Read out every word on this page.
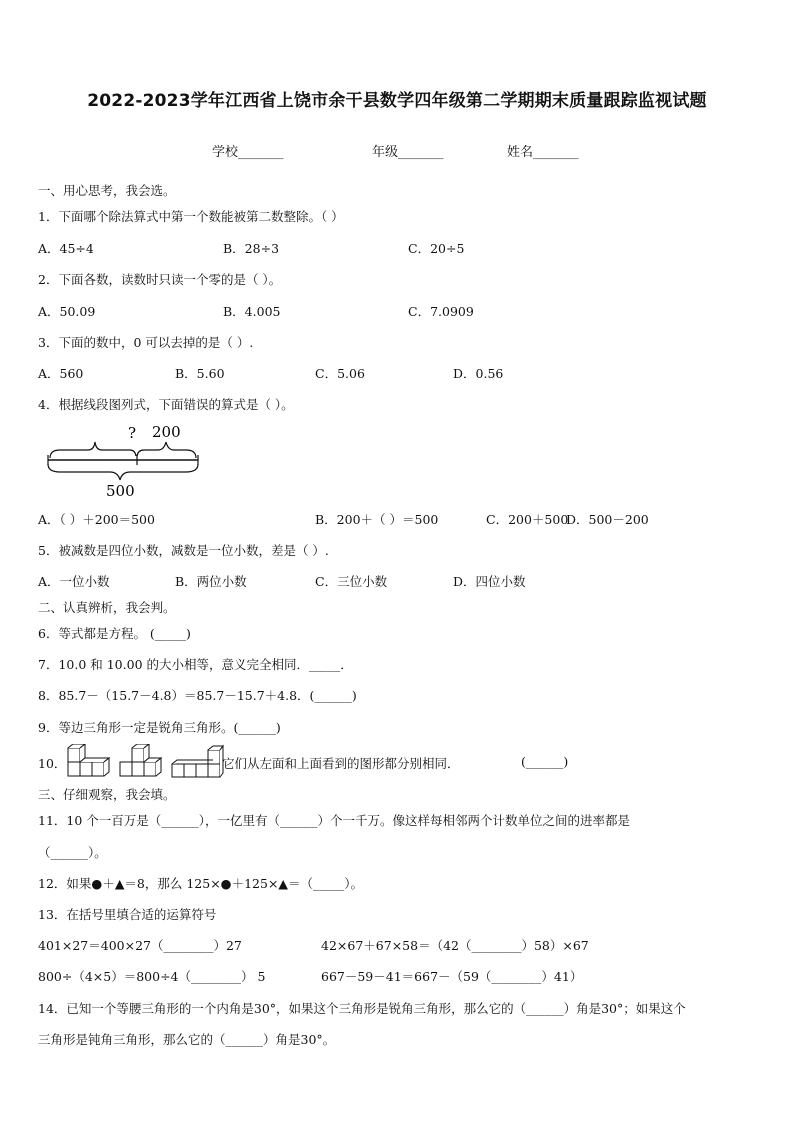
2022-2023学年江西省上饶市余干县数学四年级第二学期期末质量跟踪监视试题
学校_______	年级_______	姓名_______
一、用心思考，我会选。
1．下面哪个除法算式中第一个数能被第二数整除。（ ）
A．45÷4	B．28÷3	C．20÷5
2．下面各数，读数时只读一个零的是（ ）。
A．50.09	B．4.005	C．7.0909
3．下面的数中，0 可以去掉的是（ ）.
A．560	B．5.60	C．5.06	D．0.56
4．根据线段图列式，下面错误的算式是（ ）。
? 200
500
A．（ ）＋200＝500	B．200＋（ ）＝500	C．200＋500
D．500－200
5．被减数是四位小数，减数是一位小数，差是（ ）.
A．一位小数	B．两位小数	C．三位小数	D．四位小数
二、认真辨析，我会判。
6．等式都是方程。 (_____)
7．10.0 和 10.00 的大小相等，意义完全相同．_____．
8．85.7－（15.7－4.8）＝85.7－15.7＋4.8．(______)
9．等边三角形一定是锐角三角形。(______)
10．	它们从左面和上面看到的图形都分别相同．	(______)
三、仔细观察，我会填。
11．10 个一百万是（______），一亿里有（______）个一千万。像这样每相邻两个计数单位之间的进率都是
（______）。
12．如果●＋▲＝8，那么 125×●＋125×▲＝（_____）。
13．在括号里填合适的运算符号
401×27＝400×27（________）27	42×67＋67×58＝（42（________）58）×67
800÷（4×5）＝800÷4（________） 5	667－59－41＝667－（59（________）41）
14．已知一个等腰三角形的一个内角是30°，如果这个三角形是锐角三角形，那么它的（______）角是30°；如果这个
三角形是钝角三角形，那么它的（______）角是30°。
